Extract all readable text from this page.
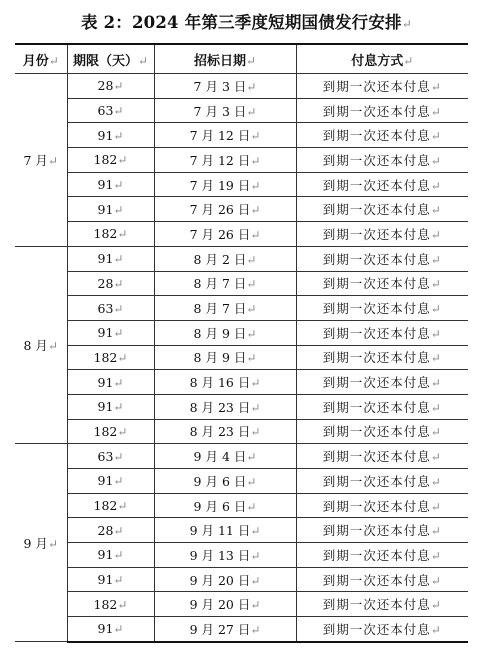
表 2：2024 年第三季度短期国债发行安排↵
月份↵	期限（天）↵	招标日期↵	付息方式↵
7 月↵	28↵	7 月 3 日↵	到期一次还本付息↵
	63↵	7 月 3 日↵	到期一次还本付息↵
	91↵	7 月 12 日↵	到期一次还本付息↵
	182↵	7 月 12 日↵	到期一次还本付息↵
	91↵	7 月 19 日↵	到期一次还本付息↵
	91↵	7 月 26 日↵	到期一次还本付息↵
	182↵	7 月 26 日↵	到期一次还本付息↵
8 月↵	91↵	8 月 2 日↵	到期一次还本付息↵
	28↵	8 月 7 日↵	到期一次还本付息↵
	63↵	8 月 7 日↵	到期一次还本付息↵
	91↵	8 月 9 日↵	到期一次还本付息↵
	182↵	8 月 9 日↵	到期一次还本付息↵
	91↵	8 月 16 日↵	到期一次还本付息↵
	91↵	8 月 23 日↵	到期一次还本付息↵
	182↵	8 月 23 日↵	到期一次还本付息↵
9 月↵	63↵	9 月 4 日↵	到期一次还本付息↵
	91↵	9 月 6 日↵	到期一次还本付息↵
	182↵	9 月 6 日↵	到期一次还本付息↵
	28↵	9 月 11 日↵	到期一次还本付息↵
	91↵	9 月 13 日↵	到期一次还本付息↵
	91↵	9 月 20 日↵	到期一次还本付息↵
	182↵	9 月 20 日↵	到期一次还本付息↵
	91↵	9 月 27 日↵	到期一次还本付息↵
